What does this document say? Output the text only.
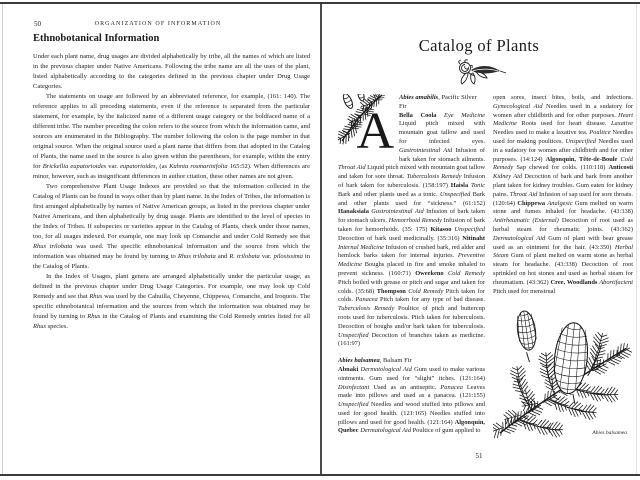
50	ORGANIZATION OF INFORMATION
Ethnobotanical Information

Under each plant name, drug usages are divided alphabetically by tribe, all the names of which are listed in the previous chapter under Native Americans. Following the tribe name are all the uses of the plant, listed alphabetically according to the categories defined in the previous chapter under Drug Usage Categories.

The statements on usage are followed by an abbreviated reference, for example, (161: 140). The reference applies to all preceding statements, even if the reference is separated from the particular statement, for example, by the italicized name of a different usage category or the boldfaced name of a different tribe. The number preceding the colon refers to the source from which the information came, and sources are enumerated in the Bibliography. The number following the colon is the page number in that original source. When the original source used a plant name that differs from that adopted in the Catalog of Plants, the name used in the source is also given within the parentheses, for example, within the entry for Brickellia eupatorioides var. eupatorioides, (as Kuhnia rosmarinifolia 165:52). When differences are minor, however, such as insignificant differences in author citation, these other names are not given.

Two comprehensive Plant Usage Indexes are provided so that the information collected in the Catalog of Plants can be found in ways other than by plant name. In the Index of Tribes, the information is first arranged alphabetically by names of Native American groups, as listed in the previous chapter under Native Americans, and then alphabetically by drug usage. Plants are identified to the level of species in the Index of Tribes. If subspecies or varieties appear in the Catalog of Plants, check under those names, too, for all usages indexed. For example, one may look up Comanche and under Cold Remedy see that Rhus trilobata was used. The specific ethnobotanical information and the source from which the information was obtained may be found by turning to Rhus trilobata and R. trilobata var. pilosissima in the Catalog of Plants.

In the Index of Usages, plant genera are arranged alphabetically under the particular usage, as defined in the previous chapter under Drug Usage Categories. For example, one may look up Cold Remedy and see that Rhus was used by the Cahuilla, Cheyenne, Chippewa, Comanche, and Iroquois. The specific ethnobotanical information and the sources from which the information was obtained may be found by turning to Rhus in the Catalog of Plants and examining the Cold Remedy entries listed for all Rhus species.

Catalog of Plants
A
Abies amabilis, Pacific Silver Fir

Bella Coola Eye Medicine Liquid pitch mixed with mountain goat tallow and used for infected eyes. Gastrointestinal Aid Infusion of bark taken for stomach ailments. Throat Aid Liquid pitch mixed with mountain goat tallow and taken for sore throat. Tuberculosis Remedy Infusion of bark taken for tuberculosis. (158:197) Haisla Tonic Bark and other plants used as a tonic. Unspecified Bark and other plants used for “sickness.” (61:152) Hanaksiala Gastrointestinal Aid Infusion of bark taken for stomach ulcers. Hemorrhoid Remedy Infusion of bark taken for hemorrhoids. (35: 175) Kitasoo Unspecified Decoction of bark used medicinally. (35:316) Nitinaht Internal Medicine Infusion of crushed bark, red alder and hemlock barks taken for internal injuries. Preventive Medicine Boughs placed in fire and smoke inhaled to prevent sickness. (160:71) Oweekeno Cold Remedy Pitch boiled with grease or pitch and sugar and taken for colds. (35:68) Thompson Cold Remedy Pitch taken for colds. Panacea Pitch taken for any type of bad disease. Tuberculosis Remedy Poultice of pitch and buttercup roots used for tuberculosis. Pitch taken for tuberculosis. Decoction of boughs and/or bark taken for tuberculosis. Unspecified Decoction of branches taken as medicine. (161:97)

Abies balsamea, Balsam Fir

Abnaki Dermatological Aid Gum used to make various ointments. Gum used for “slight” itches. (121:164) Disinfectant Used as an antiseptic. Panacea Leaves made into pillows and used as a panacea. (121:155) Unspecified Needles and wood stuffed into pillows and used for good health. (121:165) Needles stuffed into pillows and used for good health. (121:164) Algonquin, Quebec Dermatological Aid Poultice of gum applied to

open sores, insect bites, boils, and infections. Gynecological Aid Needles used in a sudatory for women after childbirth and for other purposes. Heart Medicine Roots used for heart disease. Laxative Needles used to make a laxative tea. Poultice Needles used for making poultices. Unspecified Needles used in a sudatory for women after childbirth and for other purposes. (14:124) Algonquin, Tête-de-Boule Cold Remedy Sap chewed for colds. (110:118) Anticosti Kidney Aid Decoction of bark and bark from another plant taken for kidney troubles. Gum eaten for kidney pains. Throat Aid Infusion of sap used for sore throats. (120:64) Chippewa Analgesic Gum melted on warm stone and fumes inhaled for headache. (43:338) Antirheumatic (External) Decoction of root used as herbal steam for rheumatic joints. (43:362) Dermatological Aid Gum of plant with bear grease used as an ointment for the hair. (43:350) Herbal Steam Gum of plant melted on warm stone as herbal steam for headache. (43:338) Decoction of root sprinkled on hot stones and used as herbal steam for rheumatism. (43:362) Cree, Woodlands Abortifacient Pitch used for menstrual

Abies balsamea
51
